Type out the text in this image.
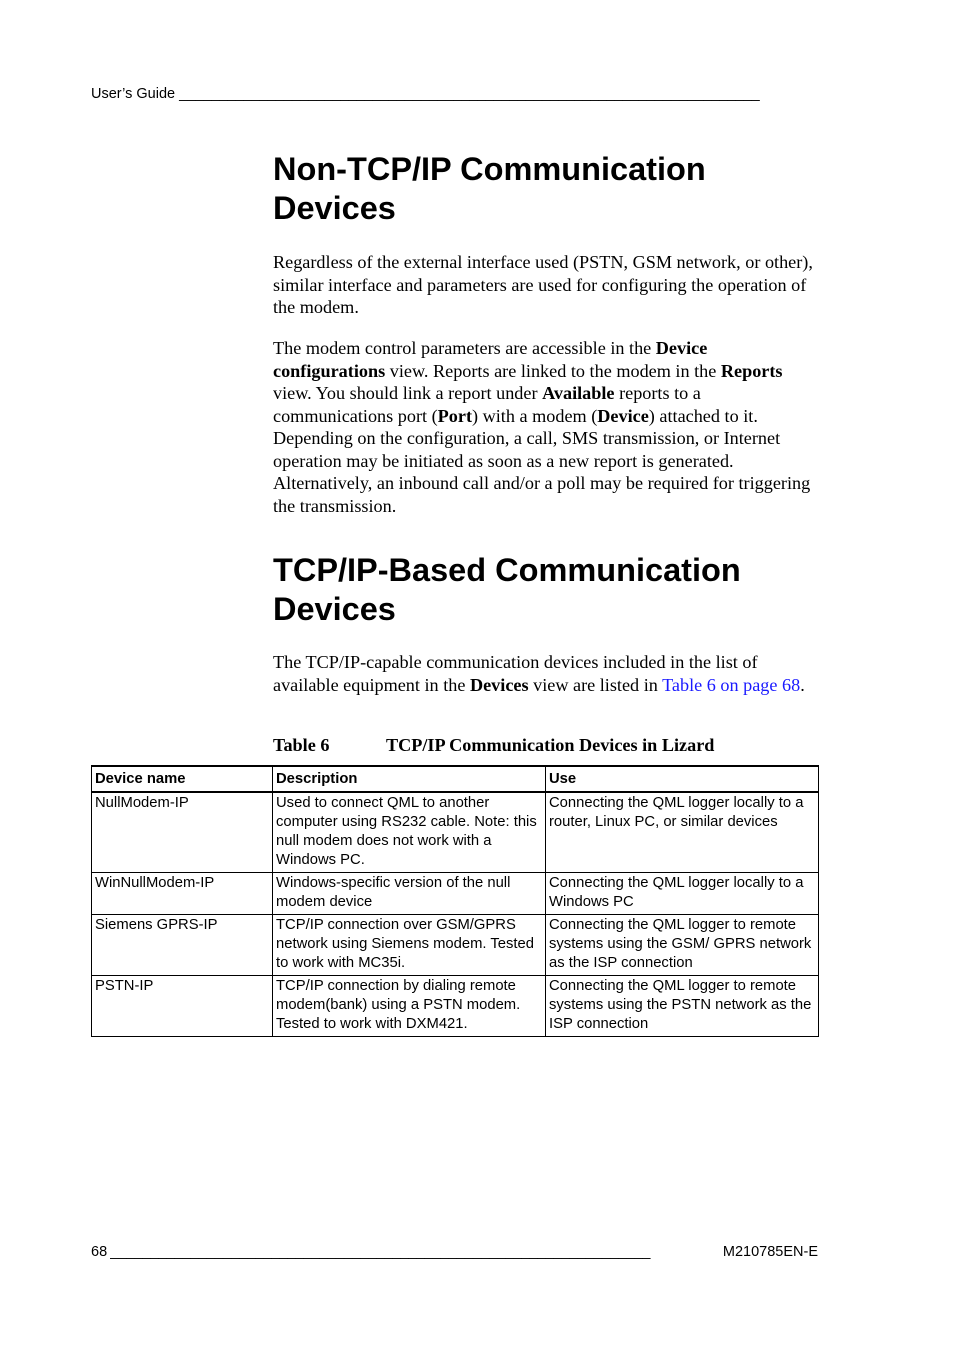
User’s Guide ________________________________________________________________________
Non-TCP/IP Communication
Devices

Regardless of the external interface used (PSTN, GSM network, or other), similar interface and parameters are used for configuring the operation of the modem.

The modem control parameters are accessible in the Device configurations view. Reports are linked to the modem in the Reports view. You should link a report under Available reports to a communications port (Port) with a modem (Device) attached to it. Depending on the configuration, a call, SMS transmission, or Internet operation may be initiated as soon as a new report is generated. Alternatively, an inbound call and/or a poll may be required for triggering the transmission.

TCP/IP-Based Communication
Devices

The TCP/IP-capable communication devices included in the list of available equipment in the Devices view are listed in Table 6 on page 68.

Table 6	TCP/IP Communication Devices in Lizard
Device name	Description	Use
NullModem-IP	Used to connect QML to another computer using RS232 cable. Note: this null modem does not work with a Windows PC.	Connecting the QML logger locally to a router, Linux PC, or similar devices
WinNullModem-IP	Windows-specific version of the null modem device	Connecting the QML logger locally to a Windows PC
Siemens GPRS-IP	TCP/IP connection over GSM/GPRS network using Siemens modem. Tested to work with MC35i.	Connecting the QML logger to remote systems using the GSM/ GPRS network as the ISP connection
PSTN-IP	TCP/IP connection by dialing remote modem(bank) using a PSTN modem. Tested to work with DXM421.	Connecting the QML logger to remote systems using the PSTN network as the ISP connection
68 ___________________________________________________________________	M210785EN-E
